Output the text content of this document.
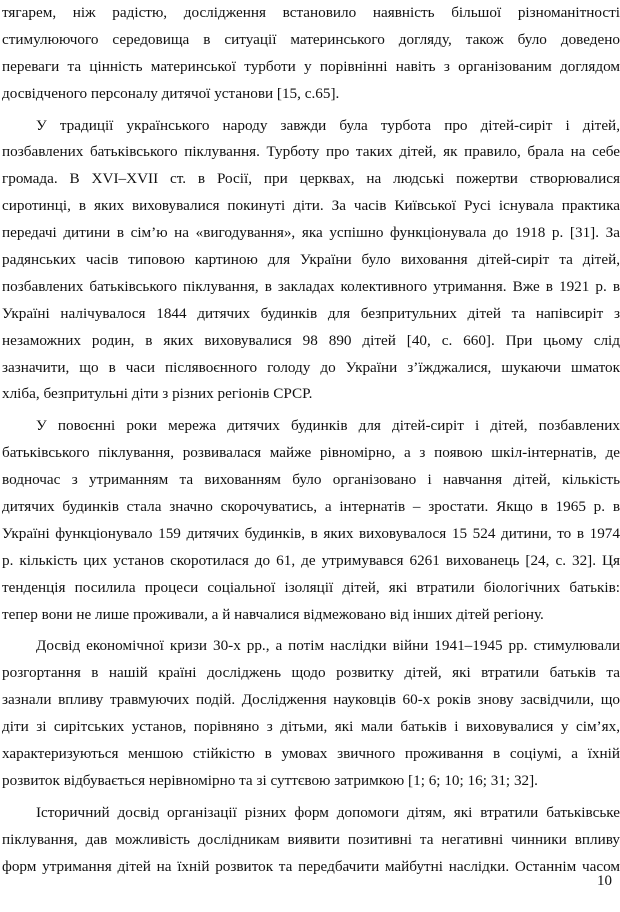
тягарем, ніж радістю, дослідження встановило наявність більшої різноманітності
стимулюючого середовища в ситуації материнського догляду, також було доведено
переваги та цінність материнської турботи у порівнінні навіть з організованим доглядом
досвідченого персоналу дитячої установи [15, с.65].
У традиції українського народу завжди була турбота про дітей-сиріт і дітей,
позбавлених батьківського піклування. Турботу про таких дітей, як правило, брала на себе
громада. В XVI–XVII ст. в Росії, при церквах, на людські пожертви створювалися
сиротинці, в яких виховувалися покинуті діти. За часів Київської Русі існувала практика
передачі дитини в сім’ю на «вигодування», яка успішно функціонувала до 1918 р. [31]. За
радянських часів типовою картиною для України було виховання дітей-сиріт та дітей,
позбавлених батьківського піклування, в закладах колективного утримання. Вже в 1921 р. в
Україні налічувалося 1844 дитячих будинків для безпритульних дітей та напівсиріт з
незаможних родин, в яких виховувалися 98 890 дітей [40, с. 660]. При цьому слід
зазначити, що в часи післявоєнного голоду до України з’їжджалися, шукаючи шматок
хліба, безпритульні діти з різних регіонів СРСР.
У повоєнні роки мережа дитячих будинків для дітей-сиріт і дітей, позбавлених
батьківського піклування, розвивалася майже рівномірно, а з появою шкіл-інтернатів, де
водночас з утриманням та вихованням було організовано і навчання дітей, кількість
дитячих будинків стала значно скорочуватись, а інтернатів – зростати. Якщо в 1965 р. в
Україні функціонувало 159 дитячих будинків, в яких виховувалося 15 524 дитини, то в 1974
р. кількість цих установ скоротилася до 61, де утримувався 6261 вихованець [24, с. 32]. Ця
тенденція посилила процеси соціальної ізоляції дітей, які втратили біологічних батьків:
тепер вони не лише проживали, а й навчалися відмежовано від інших дітей регіону.
Досвід економічної кризи 30-х рр., а потім наслідки війни 1941–1945 рр. стимулювали
розгортання в нашій країні досліджень щодо розвитку дітей, які втратили батьків та
зазнали впливу травмуючих подій. Дослідження науковців 60-х років знову засвідчили, що
діти зі сирітських установ, порівняно з дітьми, які мали батьків і виховувалися у сім’ях,
характеризуються меншою стійкістю в умовах звичного проживання в соціумі, а їхній
розвиток відбувається нерівномірно та зі суттєвою затримкою [1; 6; 10; 16; 31; 32].
Історичний досвід організації різних форм допомоги дітям, які втратили батьківське
піклування, дав можливість дослідникам виявити позитивні та негативні чинники впливу
форм утримання дітей на їхній розвиток та передбачити майбутні наслідки. Останнім часом
10
